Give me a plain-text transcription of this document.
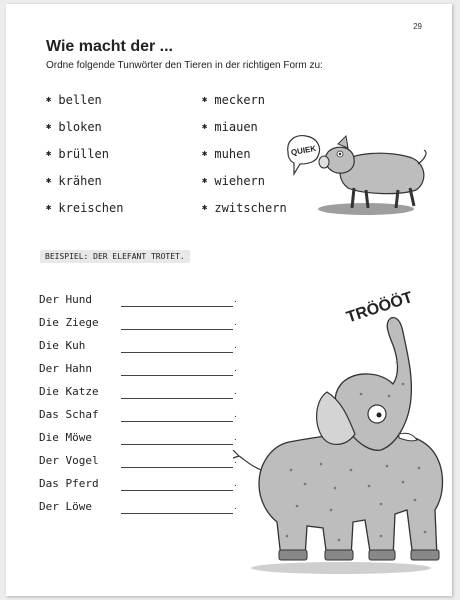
29
Wie macht der ...
Ordne folgende Tunwörter den Tieren in der richtigen Form zu:
✱ bellen
✱ bloken
✱ brüllen
✱ krähen
✱ kreischen
✱ meckern
✱ miauen
✱ muhen
✱ wiehern
✱ zwitschern
QUIEK
BEISPIEL: DER ELEFANT TROTET.
Der Hund	.
Die Ziege	.
Die Kuh	.
Der Hahn	.
Die Katze	.
Das Schaf	.
Die Möwe	.
Der Vogel	.
Das Pferd	.
Der Löwe	.
TRÖÖÖT
